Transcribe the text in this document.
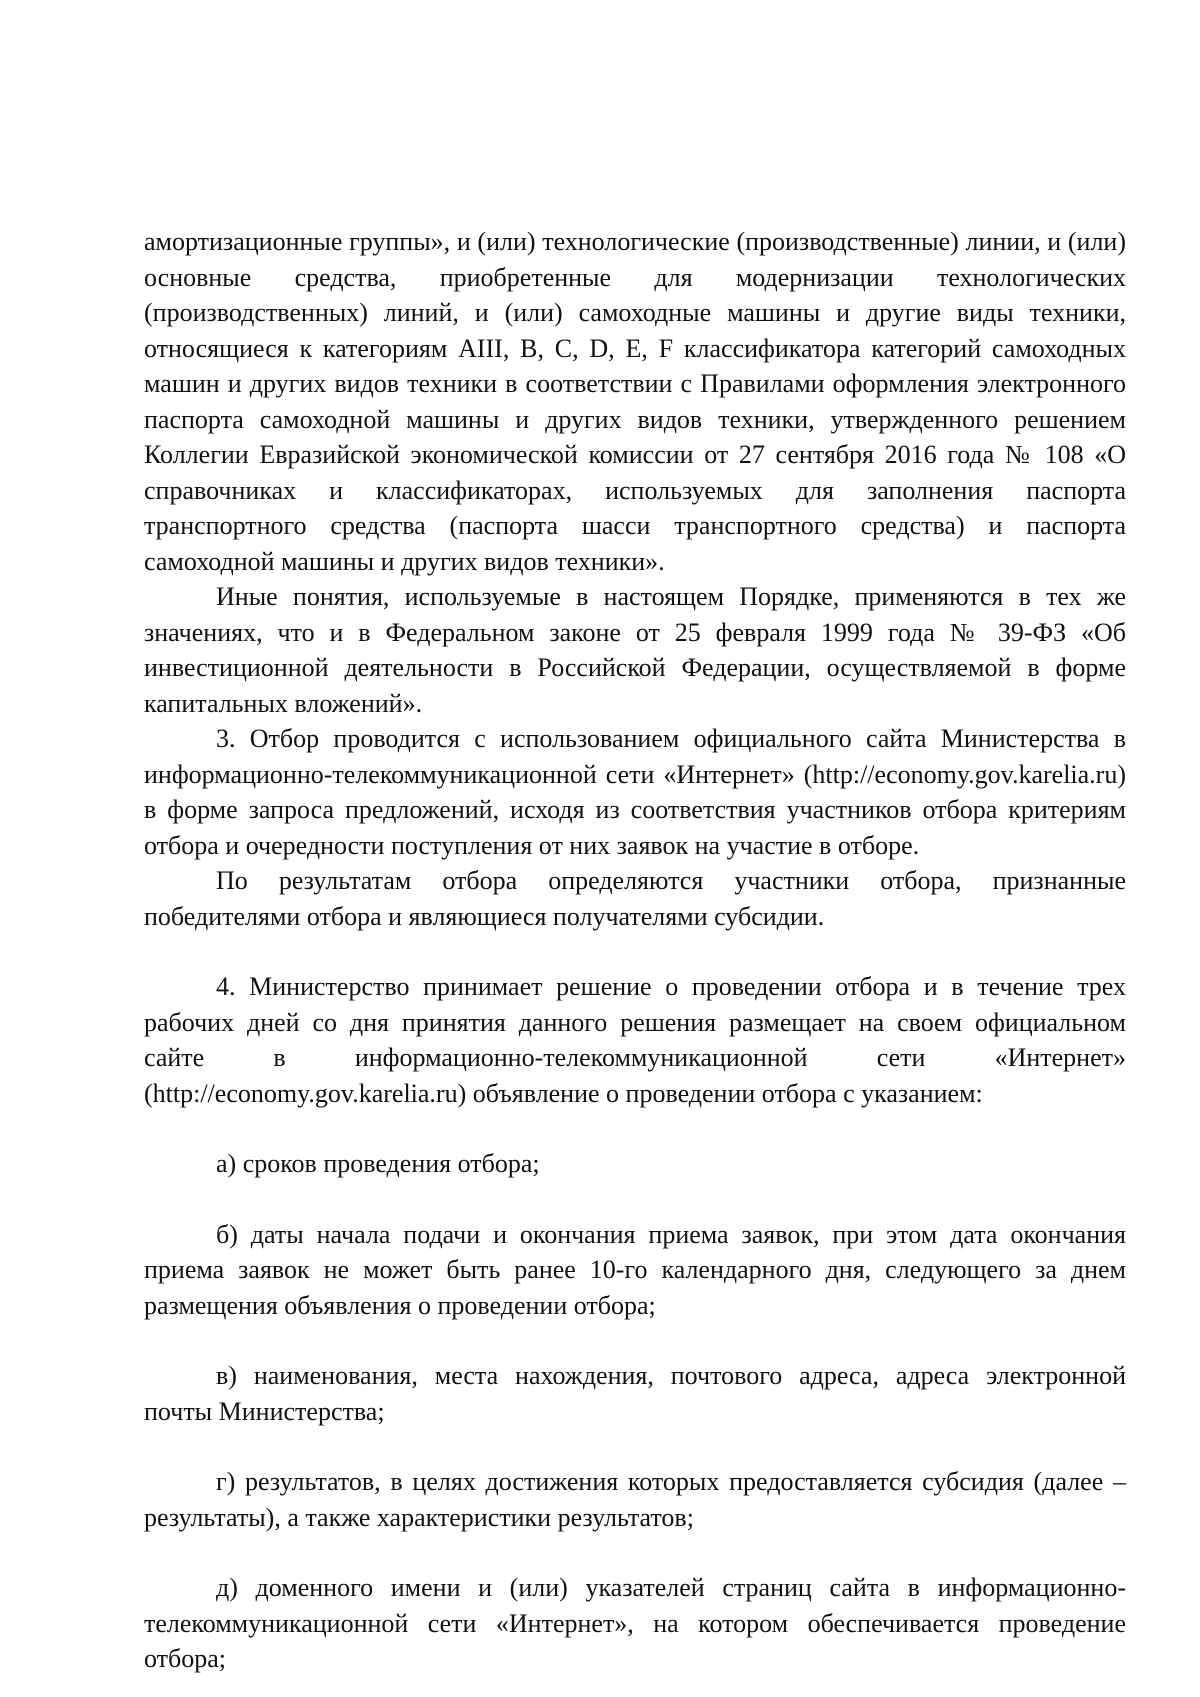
амортизационные группы», и (или) технологические (производственные) линии, и (или) основные средства, приобретенные для модернизации технологических (производственных) линий, и (или) самоходные машины и другие виды техники, относящиеся к категориям АIII, B, C, D, E, F классификатора категорий самоходных машин и других видов техники в соответствии с Правилами оформления электронного паспорта самоходной машины и других видов техники, утвержденного решением Коллегии Евразийской экономической комиссии от 27 сентября 2016 года № 108 «О справочниках и классификаторах, используемых для заполнения паспорта транспортного средства (паспорта шасси транспортного средства) и паспорта самоходной машины и других видов техники».

Иные понятия, используемые в настоящем Порядке, применяются в тех же значениях, что и в Федеральном законе от 25 февраля 1999 года № 39-ФЗ «Об инвестиционной деятельности в Российской Федерации, осуществляемой в форме капитальных вложений».

3. Отбор проводится с использованием официального сайта Министерства в информационно-телекоммуникационной сети «Интернет» (http://economy.gov.karelia.ru) в форме запроса предложений, исходя из соответствия участников отбора критериям отбора и очередности поступления от них заявок на участие в отборе.

По результатам отбора определяются участники отбора, признанные победителями отбора и являющиеся получателями субсидии.

4. Министерство принимает решение о проведении отбора и в течение трех рабочих дней со дня принятия данного решения размещает на своем официальном сайте в информационно-телекоммуникационной сети «Интернет» (http://economy.gov.karelia.ru) объявление о проведении отбора с указанием:

а) сроков проведения отбора;

б) даты начала подачи и окончания приема заявок, при этом дата окончания приема заявок не может быть ранее 10-го календарного дня, следующего за днем размещения объявления о проведении отбора;

в) наименования, места нахождения, почтового адреса, адреса электронной почты Министерства;

г) результатов, в целях достижения которых предоставляется субсидия (далее – результаты), а также характеристики результатов;

д) доменного имени и (или) указателей страниц сайта в информационно-телекоммуникационной сети «Интернет», на котором обеспечивается проведение отбора;
